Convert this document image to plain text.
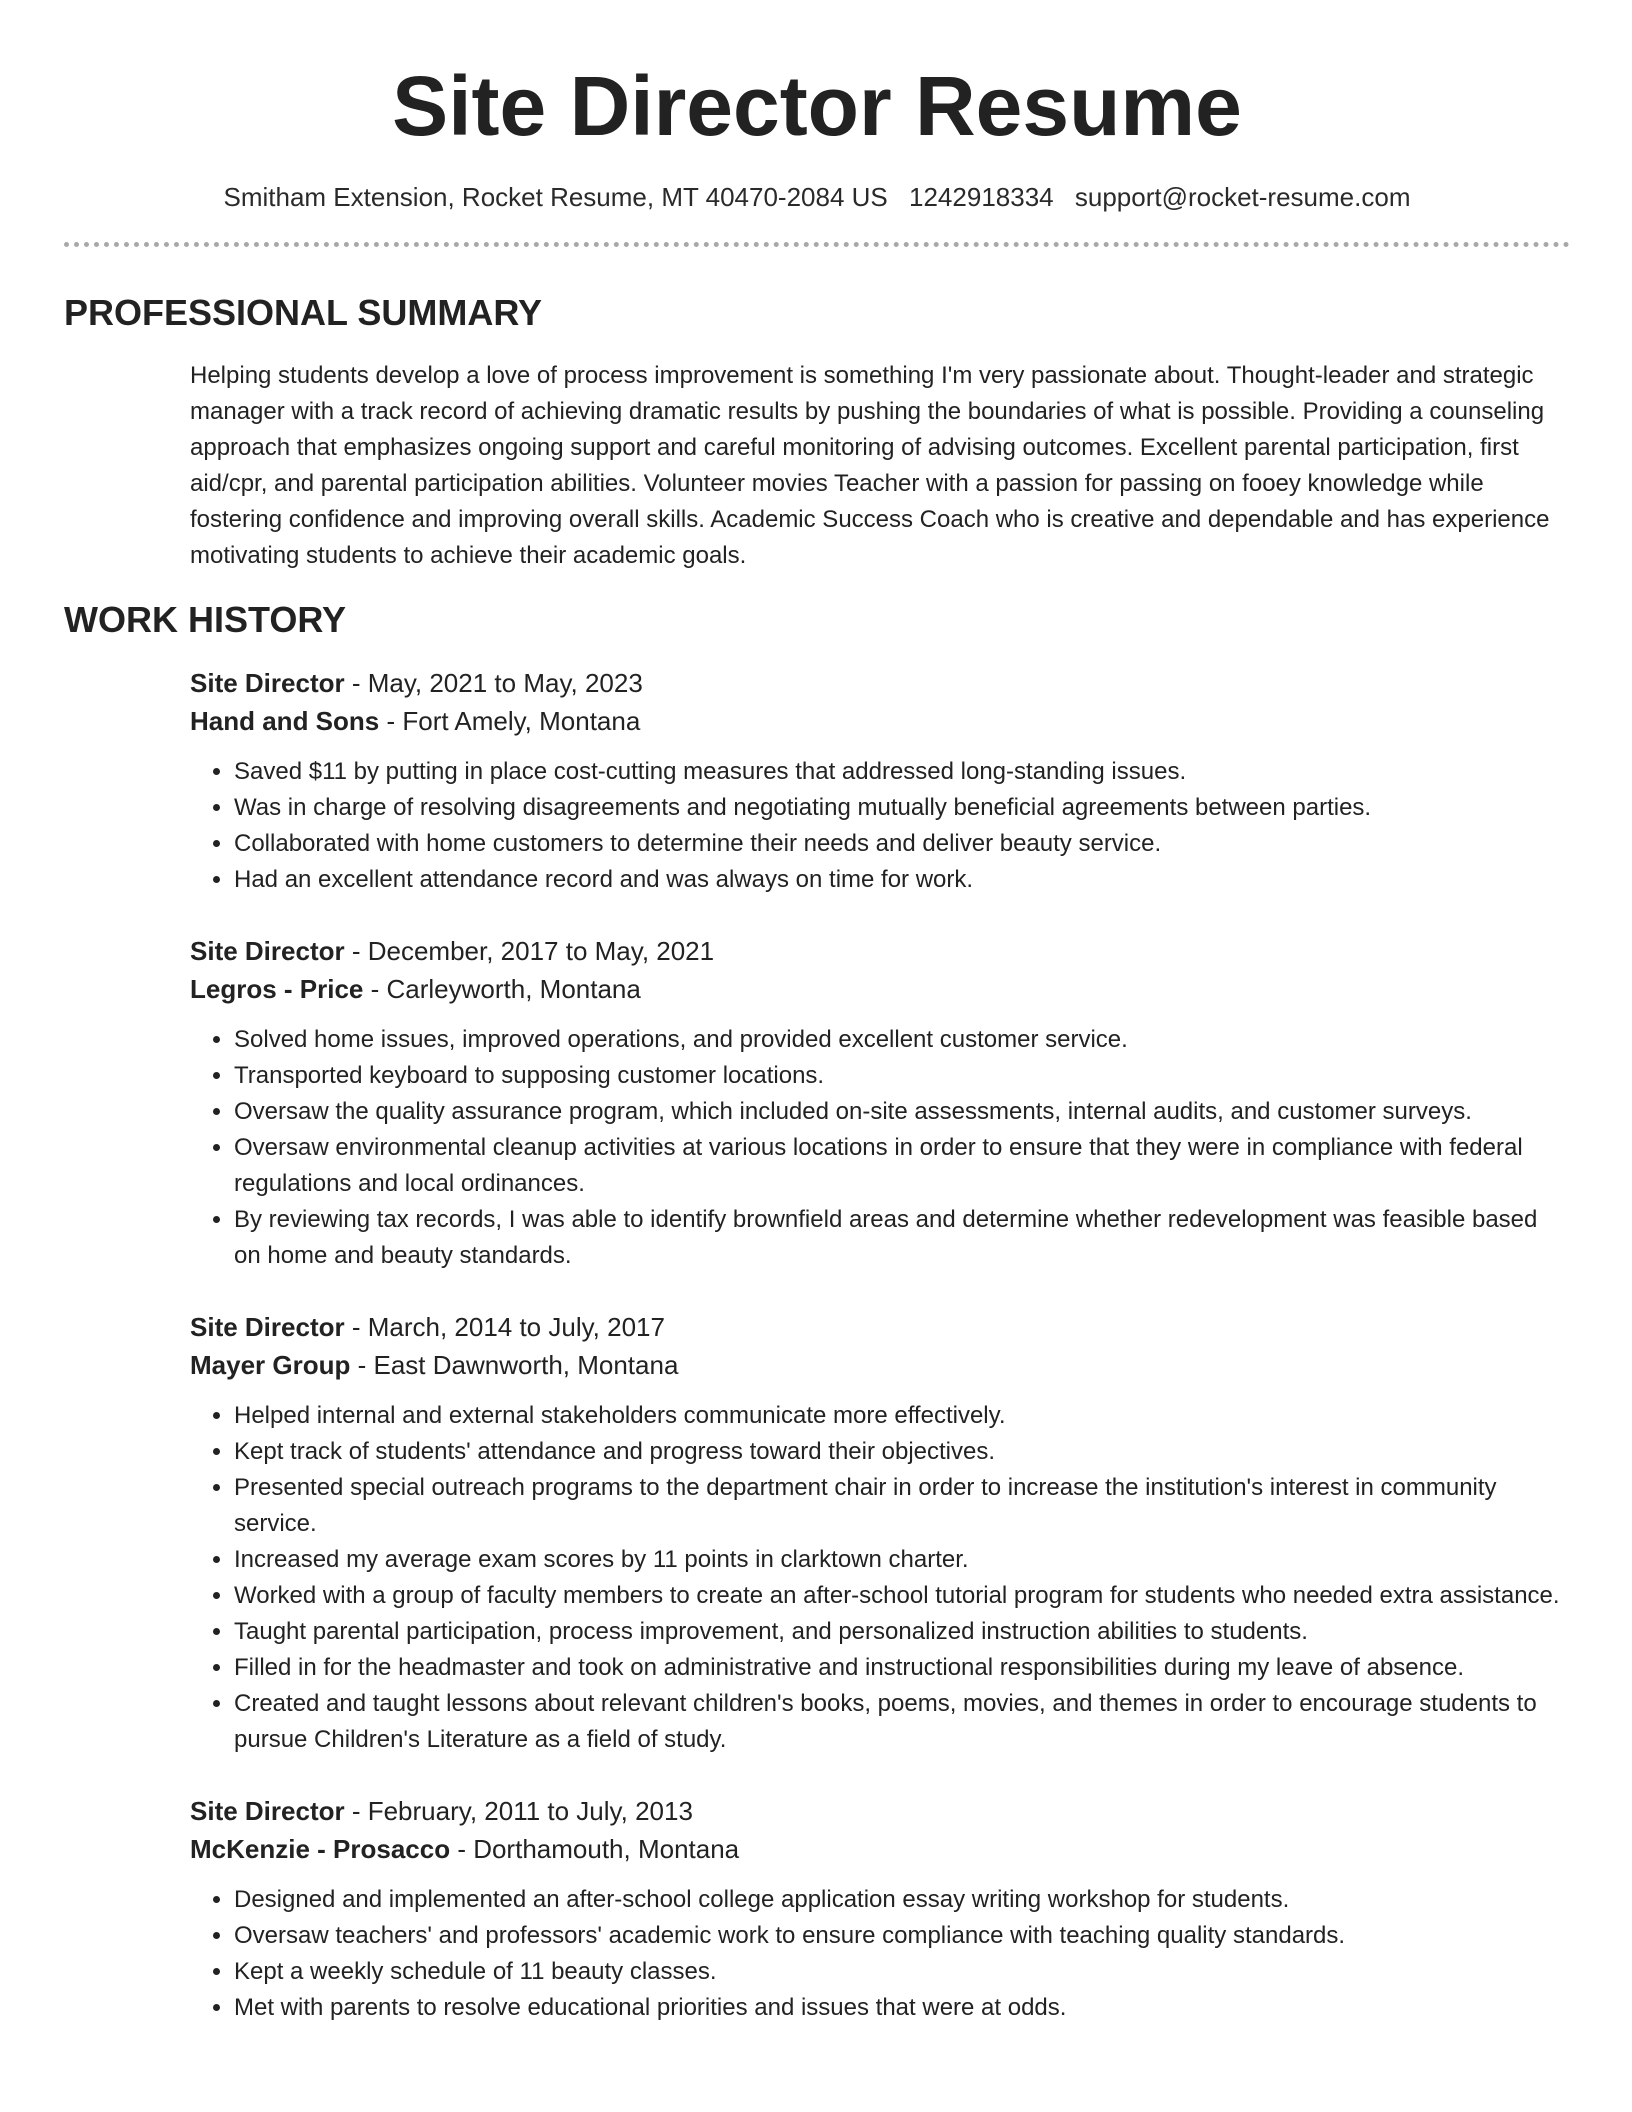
Site Director Resume
Smitham Extension, Rocket Resume, MT 40470-2084 US 1242918334 support@rocket-resume.com
PROFESSIONAL SUMMARY

Helping students develop a love of process improvement is something I'm very passionate about. Thought-leader and strategic manager with a track record of achieving dramatic results by pushing the boundaries of what is possible. Providing a counseling approach that emphasizes ongoing support and careful monitoring of advising outcomes. Excellent parental participation, first aid/cpr, and parental participation abilities. Volunteer movies Teacher with a passion for passing on fooey knowledge while fostering confidence and improving overall skills. Academic Success Coach who is creative and dependable and has experience motivating students to achieve their academic goals.

WORK HISTORY
Site Director - May, 2021 to May, 2023
Hand and Sons - Fort Amely, Montana
• Saved $11 by putting in place cost-cutting measures that addressed long-standing issues.
• Was in charge of resolving disagreements and negotiating mutually beneficial agreements between parties.
• Collaborated with home customers to determine their needs and deliver beauty service.
• Had an excellent attendance record and was always on time for work.
Site Director - December, 2017 to May, 2021
Legros - Price - Carleyworth, Montana
• Solved home issues, improved operations, and provided excellent customer service.
• Transported keyboard to supposing customer locations.
• Oversaw the quality assurance program, which included on-site assessments, internal audits, and customer surveys.
• Oversaw environmental cleanup activities at various locations in order to ensure that they were in compliance with federal regulations and local ordinances.
• By reviewing tax records, I was able to identify brownfield areas and determine whether redevelopment was feasible based on home and beauty standards.
Site Director - March, 2014 to July, 2017
Mayer Group - East Dawnworth, Montana
• Helped internal and external stakeholders communicate more effectively.
• Kept track of students' attendance and progress toward their objectives.
• Presented special outreach programs to the department chair in order to increase the institution's interest in community service.
• Increased my average exam scores by 11 points in clarktown charter.
• Worked with a group of faculty members to create an after-school tutorial program for students who needed extra assistance.
• Taught parental participation, process improvement, and personalized instruction abilities to students.
• Filled in for the headmaster and took on administrative and instructional responsibilities during my leave of absence.
• Created and taught lessons about relevant children's books, poems, movies, and themes in order to encourage students to pursue Children's Literature as a field of study.
Site Director - February, 2011 to July, 2013
McKenzie - Prosacco - Dorthamouth, Montana
• Designed and implemented an after-school college application essay writing workshop for students.
• Oversaw teachers' and professors' academic work to ensure compliance with teaching quality standards.
• Kept a weekly schedule of 11 beauty classes.
• Met with parents to resolve educational priorities and issues that were at odds.
